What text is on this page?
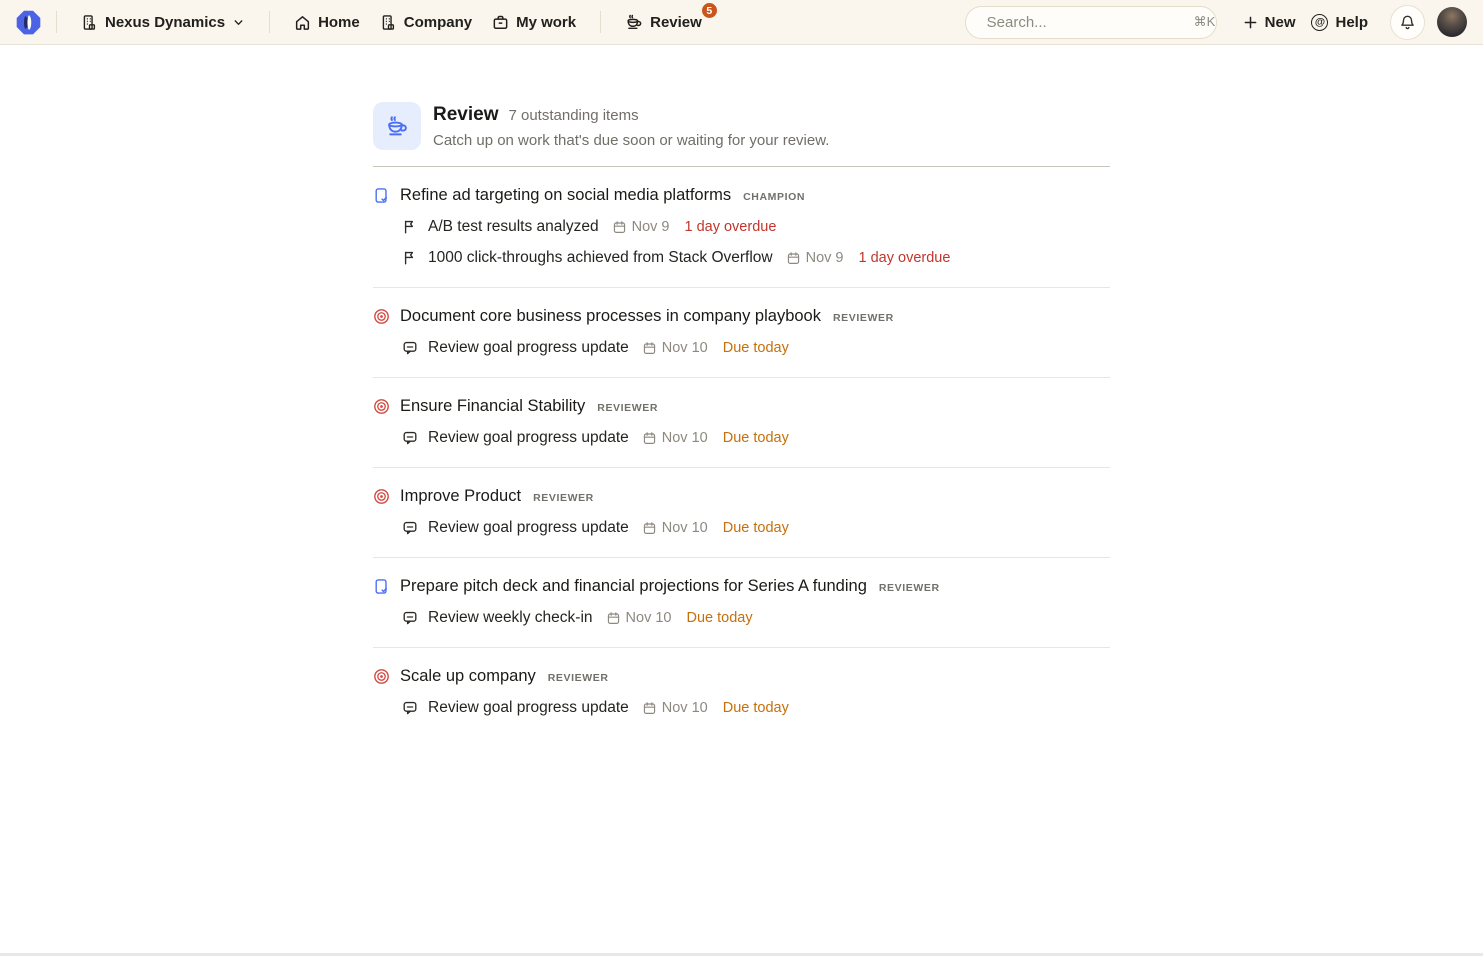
Nexus Dynamics	Home	Company	My work	Review
5
Search...
⌘K	New	@ Help
Review 7 outstanding items
Catch up on work that's due soon or waiting for your review.
Refine ad targeting on social media platforms CHAMPION
A/B test results analyzed Nov 9 1 day overdue
1000 click-throughs achieved from Stack Overflow Nov 9 1 day overdue
Document core business processes in company playbook REVIEWER
Review goal progress update Nov 10 Due today
Ensure Financial Stability REVIEWER
Review goal progress update Nov 10 Due today
Improve Product REVIEWER
Review goal progress update Nov 10 Due today
Prepare pitch deck and financial projections for Series A funding REVIEWER
Review weekly check-in Nov 10 Due today
Scale up company REVIEWER
Review goal progress update Nov 10 Due today
